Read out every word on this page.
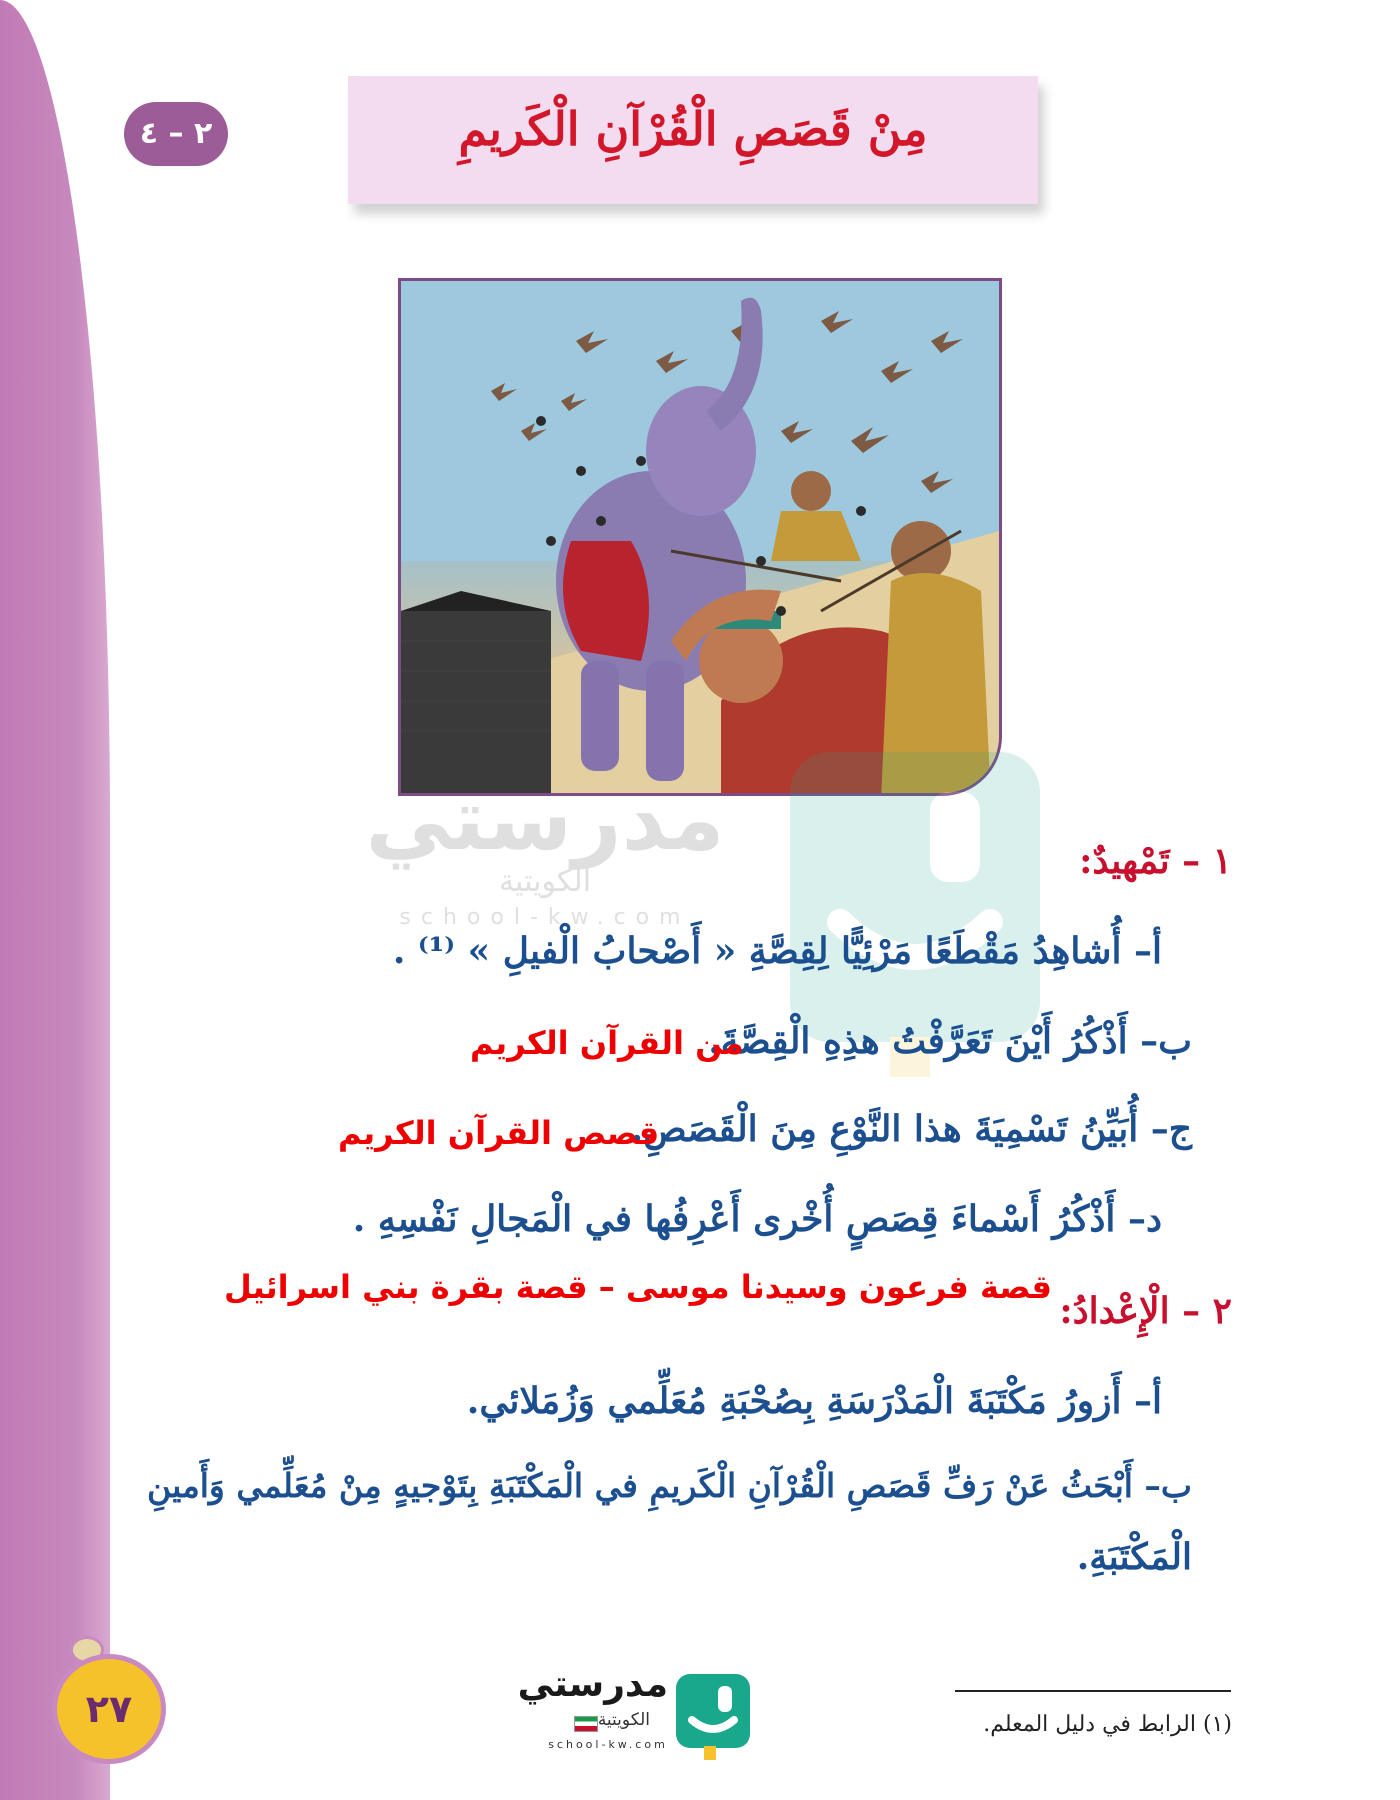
٢ – ٤	مِنْ قَصَصِ الْقُرْآنِ الْكَريمِ
مدرستي
الكويتية
school-kw.com
١ – تَمْهيدٌ:
أ– أُشاهِدُ مَقْطَعًا مَرْئِيًّا لِقِصَّةِ « أَصْحابُ الْفيلِ » ⁽¹⁾ .
ب– أَذْكُرُ أَيْنَ تَعَرَّفْتُ هذِهِ الْقِصَّةَ.
من القرآن الكريم
ج– أُبَيِّنُ تَسْمِيَةَ هذا النَّوْعِ مِنَ الْقَصَصِ.
قصص القرآن الكريم
د– أَذْكُرُ أَسْماءَ قِصَصٍ أُخْرى أَعْرِفُها في الْمَجالِ نَفْسِهِ .
قصة فرعون وسيدنا موسى – قصة بقرة بني اسرائيل
٢ – الْإِعْدادُ:
أ– أَزورُ مَكْتَبَةَ الْمَدْرَسَةِ بِصُحْبَةِ مُعَلِّمي وَزُمَلائي.
ب– أَبْحَثُ عَنْ رَفِّ قَصَصِ الْقُرْآنِ الْكَريمِ في الْمَكْتَبَةِ بِتَوْجيهٍ مِنْ مُعَلِّمي وَأَمينِ
الْمَكْتَبَةِ.
(١) الرابط في دليل المعلم.
٢٧
مدرستي
الكويتية
school-kw.com
